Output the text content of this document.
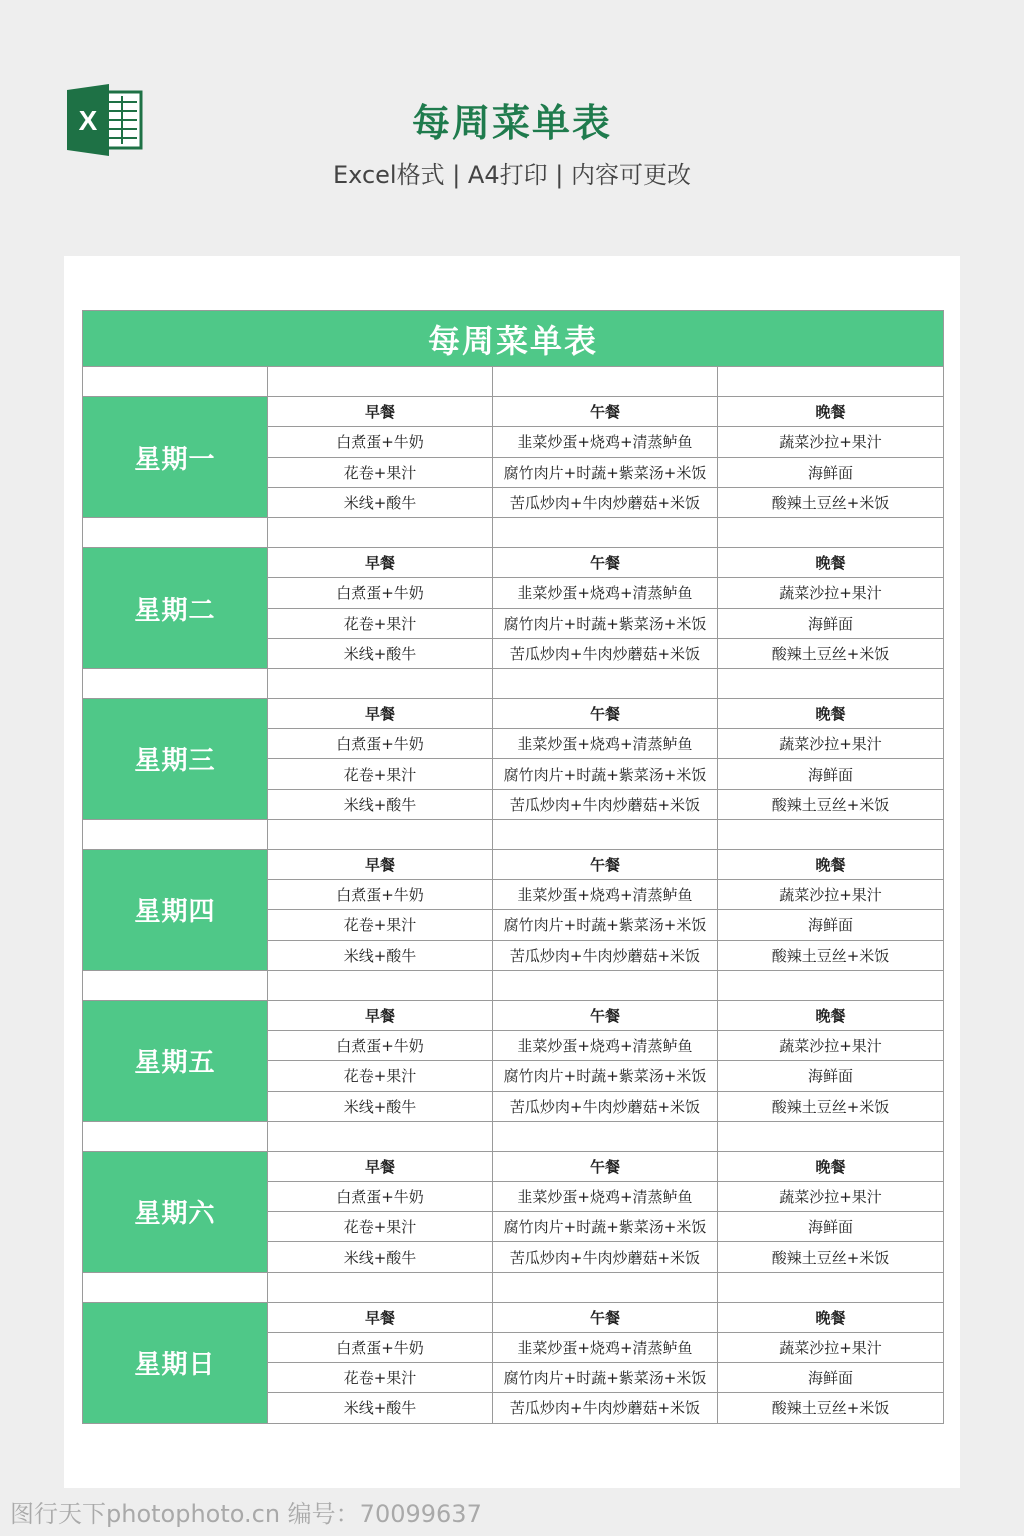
X	每周菜单表
Excel格式 | A4打印 | 内容可更改
每周菜单表			

星期一	早餐	午餐	晚餐
	白煮蛋+牛奶	韭菜炒蛋+烧鸡+清蒸鲈鱼	蔬菜沙拉+果汁
	花卷+果汁	腐竹肉片+时蔬+紫菜汤+米饭	海鲜面
	米线+酸牛	苦瓜炒肉+牛肉炒蘑菇+米饭	酸辣土豆丝+米饭

星期二	早餐	午餐	晚餐
	白煮蛋+牛奶	韭菜炒蛋+烧鸡+清蒸鲈鱼	蔬菜沙拉+果汁
	花卷+果汁	腐竹肉片+时蔬+紫菜汤+米饭	海鲜面
	米线+酸牛	苦瓜炒肉+牛肉炒蘑菇+米饭	酸辣土豆丝+米饭

星期三	早餐	午餐	晚餐
	白煮蛋+牛奶	韭菜炒蛋+烧鸡+清蒸鲈鱼	蔬菜沙拉+果汁
	花卷+果汁	腐竹肉片+时蔬+紫菜汤+米饭	海鲜面
	米线+酸牛	苦瓜炒肉+牛肉炒蘑菇+米饭	酸辣土豆丝+米饭

星期四	早餐	午餐	晚餐
	白煮蛋+牛奶	韭菜炒蛋+烧鸡+清蒸鲈鱼	蔬菜沙拉+果汁
	花卷+果汁	腐竹肉片+时蔬+紫菜汤+米饭	海鲜面
	米线+酸牛	苦瓜炒肉+牛肉炒蘑菇+米饭	酸辣土豆丝+米饭

星期五	早餐	午餐	晚餐
	白煮蛋+牛奶	韭菜炒蛋+烧鸡+清蒸鲈鱼	蔬菜沙拉+果汁
	花卷+果汁	腐竹肉片+时蔬+紫菜汤+米饭	海鲜面
	米线+酸牛	苦瓜炒肉+牛肉炒蘑菇+米饭	酸辣土豆丝+米饭

星期六	早餐	午餐	晚餐
	白煮蛋+牛奶	韭菜炒蛋+烧鸡+清蒸鲈鱼	蔬菜沙拉+果汁
	花卷+果汁	腐竹肉片+时蔬+紫菜汤+米饭	海鲜面
	米线+酸牛	苦瓜炒肉+牛肉炒蘑菇+米饭	酸辣土豆丝+米饭

星期日	早餐	午餐	晚餐
	白煮蛋+牛奶	韭菜炒蛋+烧鸡+清蒸鲈鱼	蔬菜沙拉+果汁
	花卷+果汁	腐竹肉片+时蔬+紫菜汤+米饭	海鲜面
	米线+酸牛	苦瓜炒肉+牛肉炒蘑菇+米饭	酸辣土豆丝+米饭
图行天下photophoto.cn 编号：70099637
